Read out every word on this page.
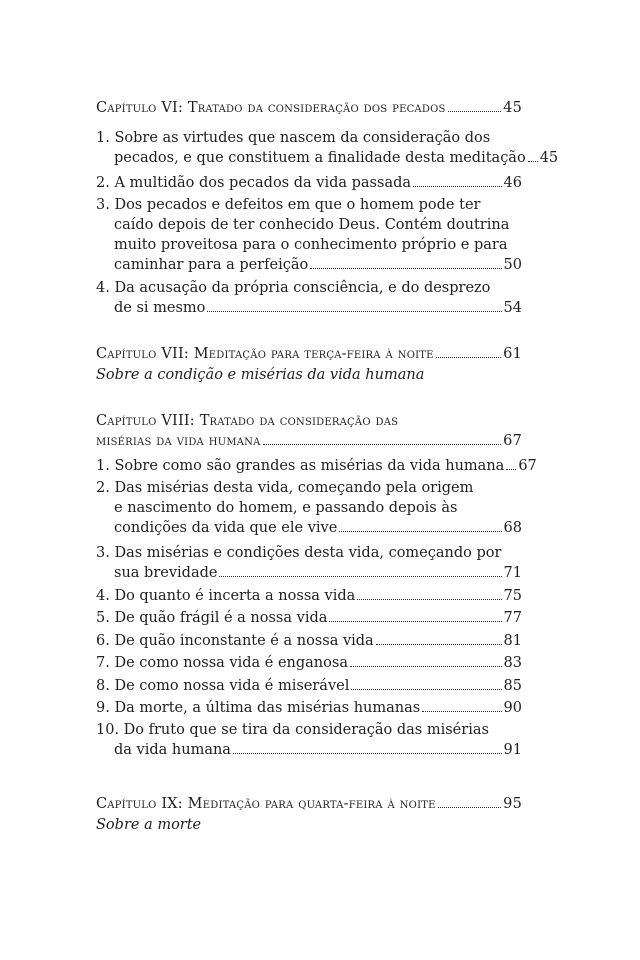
Capítulo VI: Tratado da consideração dos pecados	45
1. Sobre as virtudes que nascem da consideração dos
pecados, e que constituem a finalidade desta meditação 45
2. A multidão dos pecados da vida passada	46
3. Dos pecados e defeitos em que o homem pode ter
caído depois de ter conhecido Deus. Contém doutrina
muito proveitosa para o conhecimento próprio e para
caminhar para a perfeição	50
4. Da acusação da própria consciência, e do desprezo
de si mesmo	54
Capítulo VII: Meditação para terça-feira à noite	61
Sobre a condição e misérias da vida humana
Capítulo VIII: Tratado da consideração das
misérias da vida humana	67
1. Sobre como são grandes as misérias da vida humana 67
2. Das misérias desta vida, começando pela origem
e nascimento do homem, e passando depois às
condições da vida que ele vive	68
3. Das misérias e condições desta vida, começando por
sua brevidade	71
4. Do quanto é incerta a nossa vida	75
5. De quão frágil é a nossa vida	77
6. De quão inconstante é a nossa vida	81
7. De como nossa vida é enganosa	83
8. De como nossa vida é miserável	85
9. Da morte, a última das misérias humanas	90
10. Do fruto que se tira da consideração das misérias
da vida humana	91
Capítulo IX: Meditação para quarta-feira à noite	95
Sobre a morte
